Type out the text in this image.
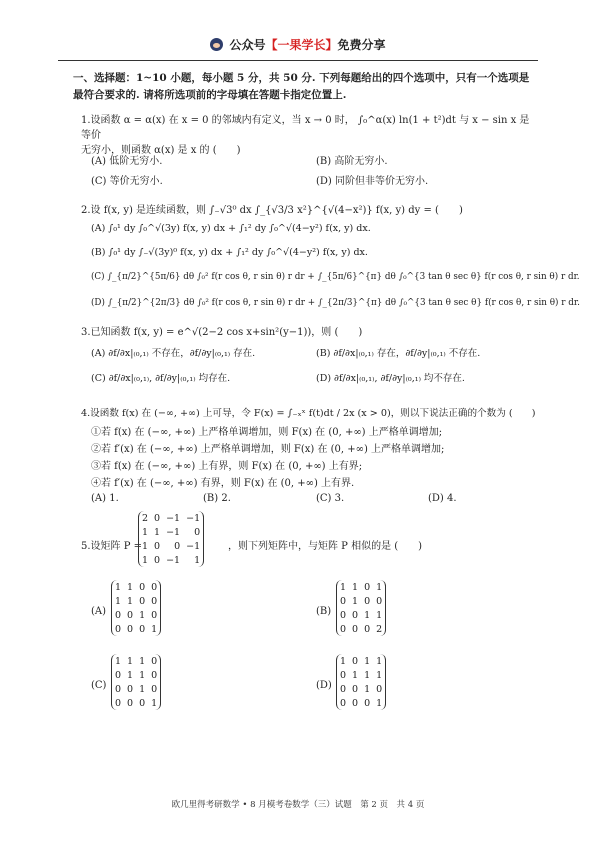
公众号【一果学长】免费分享
一、选择题：1~10 小题，每小题 5 分，共 50 分. 下列每题给出的四个选项中，只有一个选项是最符合要求的. 请将所选项前的字母填在答题卡指定位置上.
1.设函数 α = α(x) 在 x = 0 的邻域内有定义，当 x → 0 时， ∫₀^α(x) ln(1 + t²)dt 与 x − sin x 是等价
无穷小，则函数 α(x) 是 x 的 (　　)
(A) 低阶无穷小.	(B) 高阶无穷小.
(C) 等价无穷小.	(D) 同阶但非等价无穷小.
2.设 f(x, y) 是连续函数，则 ∫₋√3⁰ dx ∫_{√3/3 x²}^{√(4−x²)} f(x, y) dy = (　　)
(A) ∫₀¹ dy ∫₀^√(3y) f(x, y) dx + ∫₁² dy ∫₀^√(4−y²) f(x, y) dx.
(B) ∫₀¹ dy ∫₋√(3y)⁰ f(x, y) dx + ∫₁² dy ∫₀^√(4−y²) f(x, y) dx.
(C) ∫_{π/2}^{5π/6} dθ ∫₀² f(r cos θ, r sin θ) r dr + ∫_{5π/6}^{π} dθ ∫₀^{3 tan θ sec θ} f(r cos θ, r sin θ) r dr.
(D) ∫_{π/2}^{2π/3} dθ ∫₀² f(r cos θ, r sin θ) r dr + ∫_{2π/3}^{π} dθ ∫₀^{3 tan θ sec θ} f(r cos θ, r sin θ) r dr.
3.已知函数 f(x, y) = e^√(2−2 cos x+sin²(y−1))，则 (　　)
(A) ∂f/∂x|₍₀,₁₎ 不存在，∂f/∂y|₍₀,₁₎ 存在.	(B) ∂f/∂x|₍₀,₁₎ 存在，∂f/∂y|₍₀,₁₎ 不存在.
(C) ∂f/∂x|₍₀,₁₎, ∂f/∂y|₍₀,₁₎ 均存在.	(D) ∂f/∂x|₍₀,₁₎, ∂f/∂y|₍₀,₁₎ 均不存在.
4.设函数 f(x) 在 (−∞, +∞) 上可导，令 F(x) = ∫₋ₓˣ f(t)dt / 2x (x > 0)，则以下说法正确的个数为 (　　)
①若 f(x) 在 (−∞, +∞) 上严格单调增加，则 F(x) 在 (0, +∞) 上严格单调增加;
②若 f′(x) 在 (−∞, +∞) 上严格单调增加，则 F(x) 在 (0, +∞) 上严格单调增加;
③若 f(x) 在 (−∞, +∞) 上有界，则 F(x) 在 (0, +∞) 上有界;
④若 f′(x) 在 (−∞, +∞) 有界，则 F(x) 在 (0, +∞) 上有界.
(A) 1.	(B) 2.	(C) 3.	(D) 4.
5.设矩阵 P =
2	0	−1	−1
1	1	−1	0
1	0	0	−1
1	0	−1	1
，则下列矩阵中，与矩阵 P 相似的是 (　　)
(A)
1	1	0	0
1	1	0	0
0	0	1	0
0	0	0	1
(B)
1	1	0	1
0	1	0	0
0	0	1	1
0	0	0	2
(C)
1	1	1	0
0	1	1	0
0	0	1	0
0	0	0	1
(D)
1	0	1	1
0	1	1	1
0	0	1	0
0	0	0	1
欧几里得考研数学 • 8 月模考卷数学（三）试题　第 2 页　共 4 页
